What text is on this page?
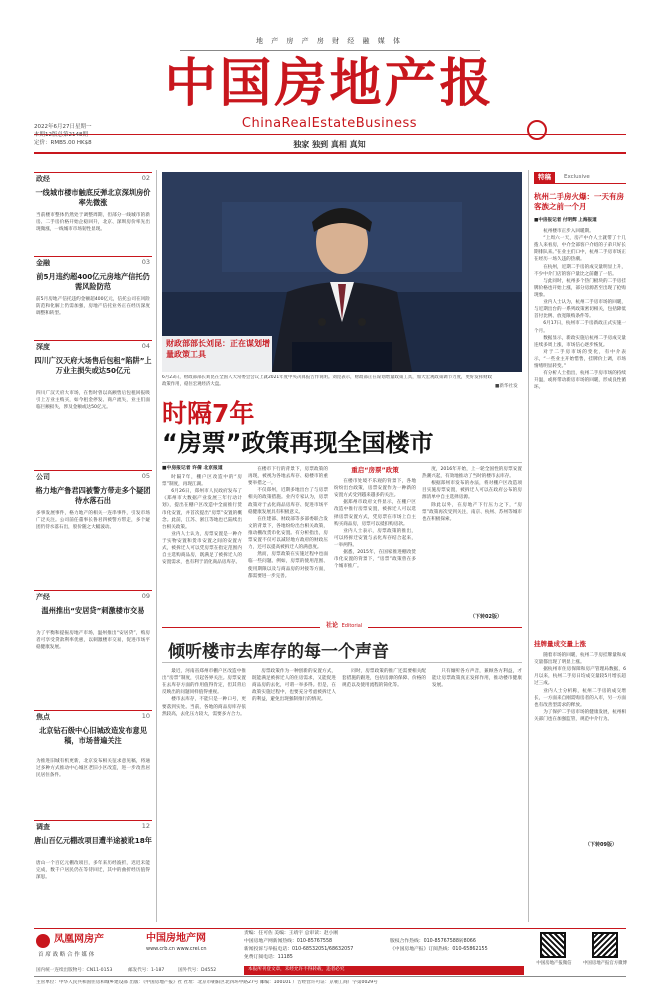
地 产 房 产 房 财 经 融 媒 体
中国房地产报
ChinaRealEstateBusiness
独家 独到 真相 真知
2022年6月27日星期一
本期12版总第2148期
定价：RMB5.00 HK$8
政经	02
一线城市楼市触底反弹北京深圳房价率先微涨
当前楼市整体仍然处于调整周期，但部分一线城市的新房、二手房价格开始企稳回升，北京、深圳房价率先出现微涨，一线城市市场韧性显现。
金融	03
前5月违约超400亿元房地产信托仍需风险防范
前5月房地产信托违约金额超400亿元，信托公司在风险防范和化解上仍需加强，房地产信托业务正在经历深度调整和转型。
深度	04
四川广汉天府大场售后包租“陷阱”上万业主损失或达50亿元
四川广汉天府大市场，在售时曾以高额售后包租回报吸引上万业主购买，如今租金停发、商户流失，业主们面临巨额损失，涉及金额或达50亿元。
公司	05
格力地产鲁君四被警方带走多个疑团待水落石出
多事发展事件，格力地产的相关一连串事件，引发市场广泛关注。公司前任董事长鲁君四被警方带走，多个疑团仍待水落石出，股价随之大幅波动。
产经	09
温州推出“安居贷”刺激楼市交易
为了平衡和提振房地产市场，温州推出“安居贷”，购房者可享受贷款利率优惠，以刺激楼市交易，促进市场平稳健康发展。
焦点	10
北京钻石级中心旧城改造发布意见稿，市场普遍关注
为推进旧城有机更新，北京发布相关征求意见稿，将通过多种方式推动中心城区老旧小区改造，进一步改善居民居住条件。
调查	12
唐山百亿元棚改项目遭半途被讹18年
唐山一个百亿元棚改项目，多年来历经波折，迟迟未能完成，数千户居民仍在等待回迁，其中的曲折经历值得深思。
财政部部长刘昆：正在谋划增量政策工具
6月23日，财政部部长刘昆在全国人大常委会会议上就2021年度中央决算报告作说明。刘昆表示，财政部正在谋划增量政策工具，加大宏观政策调节力度，更好发挥财政政策作用，稳住宏观经济大盘。	■新华社发
时隔7年
“房票”政策再现全国楼市
■中房报记者 许倩 北京报道

时隔7年，棚户区改造中的“房票”制度，再现江湖。

6月26日，郑州市人民政府发布了《郑州市大数据产业发展三年行动计划》，提出在棚户区改造中全面推行货币化安置，并首次提出“房票”安置的概念。此前，江苏、浙江等地也已陆续出台相关政策。

业内人士认为，房票安置是一种介于实物安置和货币安置之间的安置方式，被拆迁人可以凭房票在指定范围内自主选购商品房，既满足了被拆迁人的安置需求，也有利于消化商品房库存。

在楼市下行的背景下，房票政策的再现，被视为各地去库存、稳楼市的重要举措之一。

不仅郑州，近期多地出台了与房票相关的政策措施。业内专家认为，房票政策对于去化商品房库存、促进市场平稳健康发展具有积极意义。

在住建部、财政部等多部委联合发文的背景下，各地纷纷出台相关政策，推动棚改货币化安置。有分析指出，房票安置不仅可以减轻地方政府的财政压力，还可以提高被拆迁人的满意度。

然而，房票政策在实施过程中也面临一些问题。例如，房票的使用范围、使用期限以及与商品房的对接等方面，都需要进一步完善。

重启“房票”政策

在楼市处境不乐观的背景下，各地纷纷出台政策，房票安置作为一种新的安置方式受到越来越多的关注。

据郑州市政府文件显示，在棚户区改造中推行房票安置，被拆迁人可以选择房票安置方式，凭房票在市场上自主购买商品房，房票可以抵扣购房款。

业内人士表示，房票政策的推出，可以将拆迁安置与去化库存结合起来，一举两得。

据悉，2015年，在国家推进棚改货币化安置的背景下，“房票”政策曾在多个城市推广。

度，2016年开始，上一轮全国性的房票安置热潮兴起，有效地推动了当时的楼市去库存。

根据郑州市发布的办法，将对棚户区改造项目实施房票安置，被拆迁人可以在政府公布的房源清单中自主选择房源。

除此以外，在房地产下行压力之下，“房票”政策再次受到关注，南京、杭州、苏州等城市也在积极探索。

（下转02版）
社论 Editorial
倾听楼市去库存的每一个声音

最近，河南省郑州市棚户区改造中推出“房票”制度，引起各界关注。房票安置在去库存方面的作用值得肯定，但其背后反映出的问题同样值得重视。

楼市去库存，不能只是一种口号，更要落到实处。当前，各地的商品房库存依然较高，去化压力较大，需要多方合力。

房票政策作为一种创新的安置方式，既能满足被拆迁人的住房需求，又能促进商品房的去化，可谓一举多得。但是，在政策实施过程中，也要充分考虑被拆迁人的利益，避免出现强制推行的情况。

同时，房票政策的推广还需要相关配套措施的跟进，包括房源的保障、价格的规范以及使用流程的简化等。

只有倾听各方声音，兼顾各方利益，才能让房票政策真正发挥作用，推动楼市健康发展。

特稿	Exclusive
杭州二手房火爆：一天有房客族之前一个月
■中房报记者 付明辉 上海报道

杭州楼市正步入回暖期。

“上周六一天，房产中介人士就带了十几拨人来看房，中介全部客户介绍的子弟只好长期排队来。”在业主们口中，杭州二手房市场正在经历一场久违的热潮。

在杭州，近期二手房的成交量明显上升，不少中介门店的客户量比之前翻了一倍。

与此同时，杭州多个热门板块的二手房挂牌价格也开始上涨，部分房源甚至出现了抢购现象。

业内人士认为，杭州二手房市场的回暖，与近期出台的一系列政策密切相关，包括降低首付比例、放宽限购条件等。

6月17日，杭州市二手房新政正式实施一个月。

数据显示，新政实施后杭州二手房成交量连续多周上涨，市场信心逐步恢复。

对于二手房市场的变化，有中介表示，“一些业主开始惜售，挂牌价上调，市场情绪明显转变。”

有分析人士指出，杭州二手房市场的持续升温，或将带动新房市场的回暖，形成良性循环。

挂牌量成交量上涨

随着市场的回暖，杭州二手房挂牌量和成交量都出现了明显上涨。

据杭州市住房保障和房产管理局数据，6月以来，杭州二手房日均成交量较5月增长超过三成。

业内人士分析称，杭州二手房的成交增长，一方面来自刚需购房者的入市，另一方面也有改善型需求的释放。

为了保护二手房市场的健康发展，杭州相关部门也在加强监管，规范中介行为。

（下转09版）
凤凰网房产
首 席 战 略 合 作 媒 体
中国房地产网
www.crb.cn www.crei.cn
责编：任可佐 美编：王靖宇 总审读：赵小刚
中国房地产网新闻热线：010-85767558
新闻投诉与举报电话：010-68532051/68632057
免费订阅电话：11185
版权合作热线：010-85767588转8066
《中国房地产报》订阅热线：010-65862155
国内统一连续出版物号：CN11-0153	邮发代号：1-187	国外代号：D4552	本报所刊登文章，未经允许不得转载，违者必究
中国房地产报微信	中国房地产报官方微博
主管单位：中华人民共和国住房和城乡建设部 出版：《中国房地产报》社 社址：北京市朝阳区北四环中路27号 邮编：100101 广告经营许可证：京朝工商广字第0029号
